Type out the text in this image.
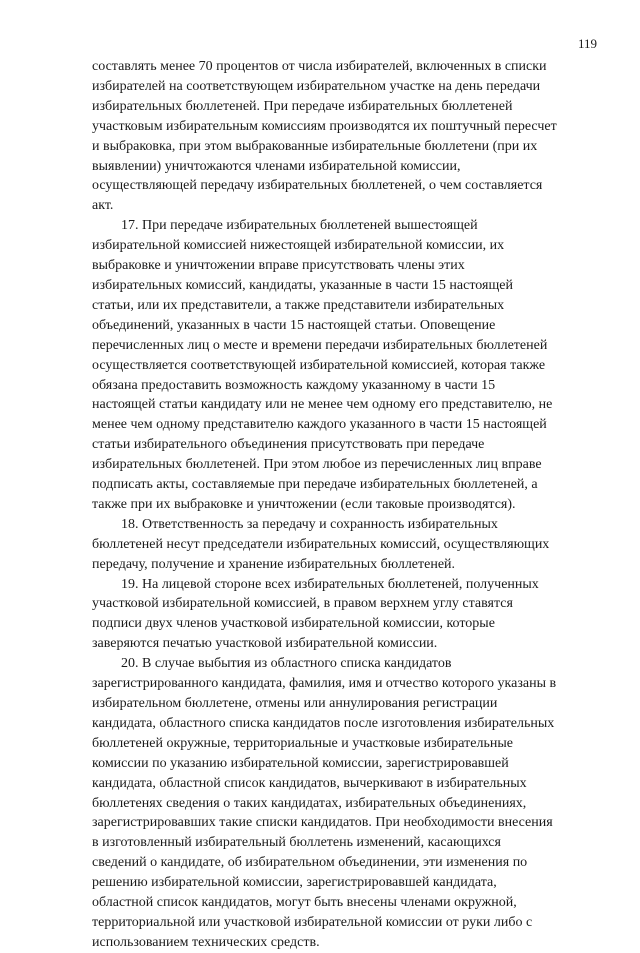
119

составлять менее 70 процентов от числа избирателей, включенных в списки
избирателей на соответствующем избирательном участке на день передачи
избирательных бюллетеней. При передаче избирательных бюллетеней
участковым избирательным комиссиям производятся их поштучный пересчет
и выбраковка, при этом выбракованные избирательные бюллетени (при их
выявлении) уничтожаются членами избирательной комиссии,
осуществляющей передачу избирательных бюллетеней, о чем составляется
акт.

17. При передаче избирательных бюллетеней вышестоящей
избирательной комиссией нижестоящей избирательной комиссии, их
выбраковке и уничтожении вправе присутствовать члены этих
избирательных комиссий, кандидаты, указанные в части 15 настоящей
статьи, или их представители, а также представители избирательных
объединений, указанных в части 15 настоящей статьи. Оповещение
перечисленных лиц о месте и времени передачи избирательных бюллетеней
осуществляется соответствующей избирательной комиссией, которая также
обязана предоставить возможность каждому указанному в части 15
настоящей статьи кандидату или не менее чем одному его представителю, не
менее чем одному представителю каждого указанного в части 15 настоящей
статьи избирательного объединения присутствовать при передаче
избирательных бюллетеней. При этом любое из перечисленных лиц вправе
подписать акты, составляемые при передаче избирательных бюллетеней, а
также при их выбраковке и уничтожении (если таковые производятся).

18. Ответственность за передачу и сохранность избирательных
бюллетеней несут председатели избирательных комиссий, осуществляющих
передачу, получение и хранение избирательных бюллетеней.

19. На лицевой стороне всех избирательных бюллетеней, полученных
участковой избирательной комиссией, в правом верхнем углу ставятся
подписи двух членов участковой избирательной комиссии, которые
заверяются печатью участковой избирательной комиссии.

20. В случае выбытия из областного списка кандидатов
зарегистрированного кандидата, фамилия, имя и отчество которого указаны в
избирательном бюллетене, отмены или аннулирования регистрации
кандидата, областного списка кандидатов после изготовления избирательных
бюллетеней окружные, территориальные и участковые избирательные
комиссии по указанию избирательной комиссии, зарегистрировавшей
кандидата, областной список кандидатов, вычеркивают в избирательных
бюллетенях сведения о таких кандидатах, избирательных объединениях,
зарегистрировавших такие списки кандидатов. При необходимости внесения
в изготовленный избирательный бюллетень изменений, касающихся
сведений о кандидате, об избирательном объединении, эти изменения по
решению избирательной комиссии, зарегистрировавшей кандидата,
областной список кандидатов, могут быть внесены членами окружной,
территориальной или участковой избирательной комиссии от руки либо с
использованием технических средств.
